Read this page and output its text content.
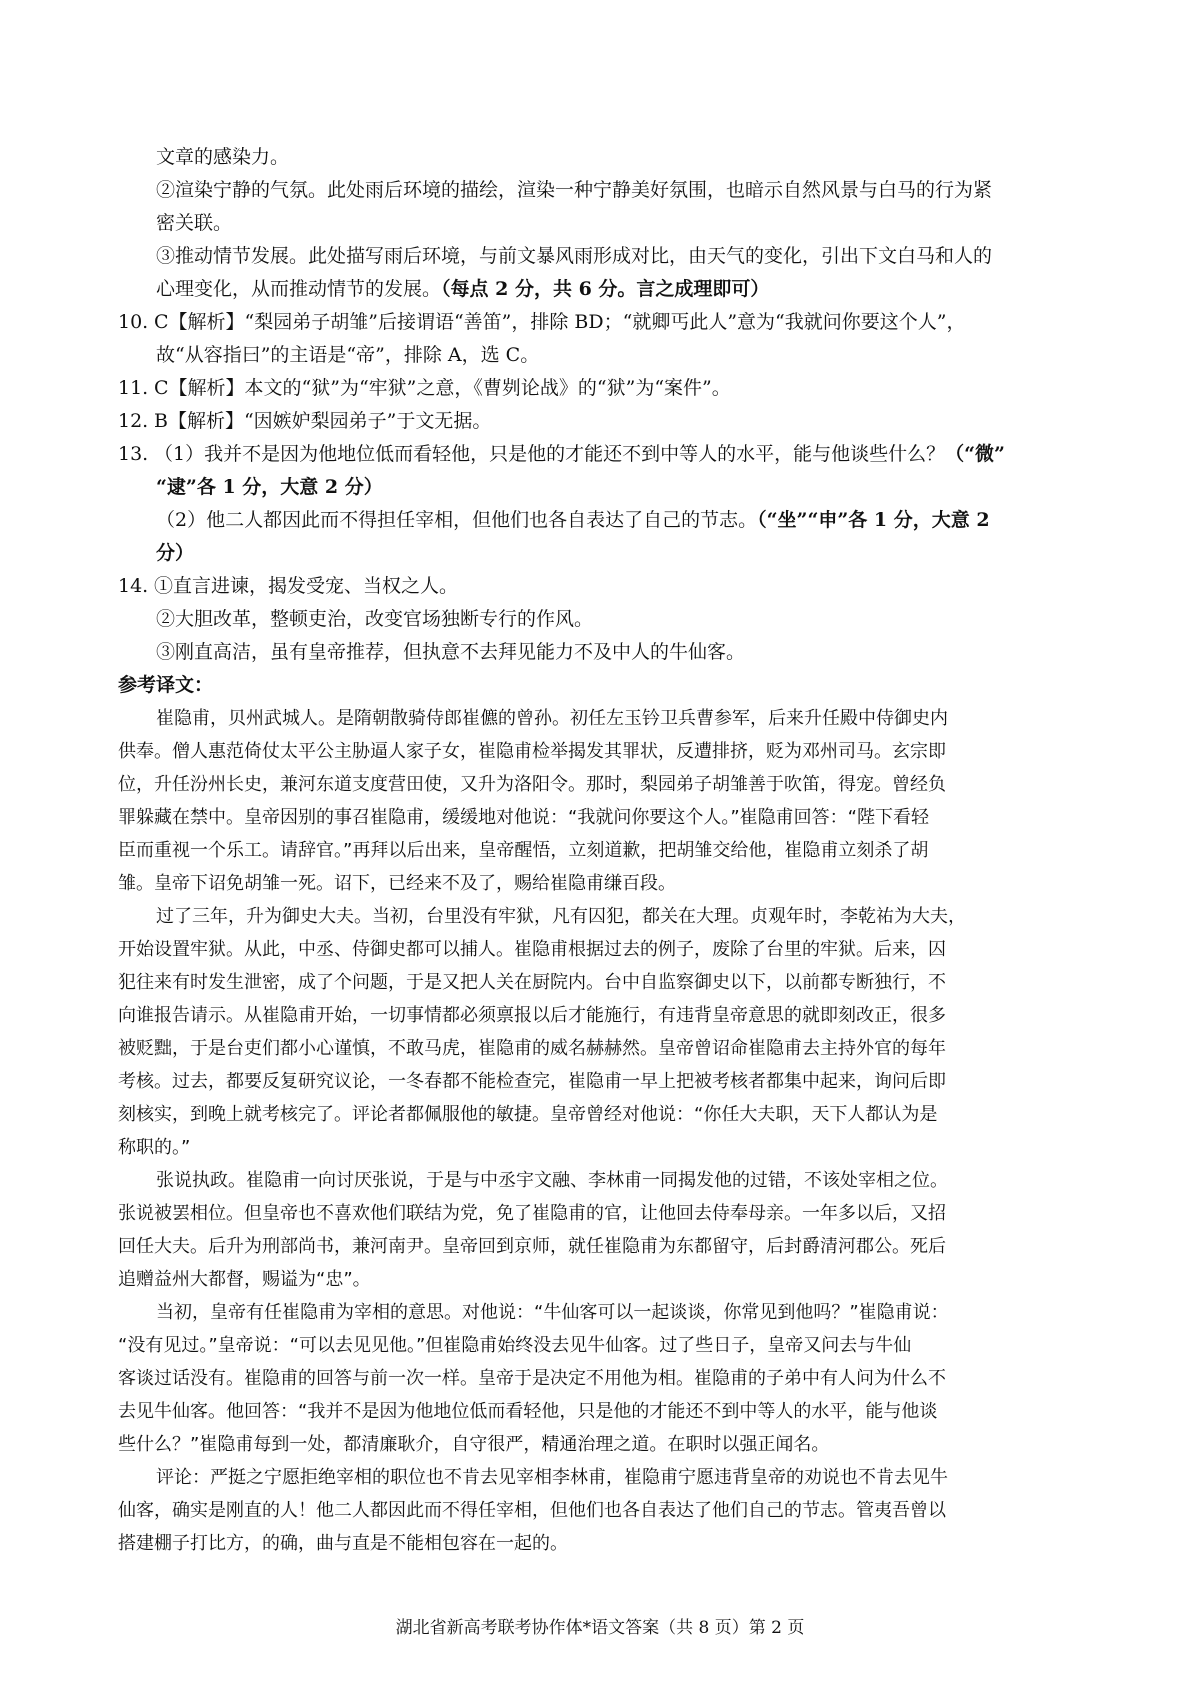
文章的感染力。
②渲染宁静的气氛。此处雨后环境的描绘，渲染一种宁静美好氛围，也暗示自然风景与白马的行为紧
密关联。
③推动情节发展。此处描写雨后环境，与前文暴风雨形成对比，由天气的变化，引出下文白马和人的
心理变化，从而推动情节的发展。（每点 2 分，共 6 分。言之成理即可）
10. C【解析】“梨园弟子胡雏”后接谓语“善笛”，排除 BD；“就卿丐此人”意为“我就问你要这个人”，
故“从容指曰”的主语是“帝”，排除 A，选 C。
11. C【解析】本文的“狱”为“牢狱”之意，《曹刿论战》的“狱”为“案件”。
12. B【解析】“因嫉妒梨园弟子”于文无据。
13. （1）我并不是因为他地位低而看轻他，只是他的才能还不到中等人的水平，能与他谈些什么？（“微”
“逮”各 1 分，大意 2 分）
（2）他二人都因此而不得担任宰相，但他们也各自表达了自己的节志。（“坐”“申”各 1 分，大意 2
分）
14. ①直言进谏，揭发受宠、当权之人。
②大胆改革，整顿吏治，改变官场独断专行的作风。
③刚直高洁，虽有皇帝推荐，但执意不去拜见能力不及中人的牛仙客。
参考译文：
崔隐甫，贝州武城人。是隋朝散骑侍郎崔儦的曾孙。初任左玉钤卫兵曹参军，后来升任殿中侍御史内
供奉。僧人惠范倚仗太平公主胁逼人家子女，崔隐甫检举揭发其罪状，反遭排挤，贬为邓州司马。玄宗即
位，升任汾州长史，兼河东道支度营田使，又升为洛阳令。那时，梨园弟子胡雏善于吹笛，得宠。曾经负
罪躲藏在禁中。皇帝因别的事召崔隐甫，缓缓地对他说：“我就问你要这个人。”崔隐甫回答：“陛下看轻
臣而重视一个乐工。请辞官。”再拜以后出来，皇帝醒悟，立刻道歉，把胡雏交给他，崔隐甫立刻杀了胡
雏。皇帝下诏免胡雏一死。诏下，已经来不及了，赐给崔隐甫缣百段。
过了三年，升为御史大夫。当初，台里没有牢狱，凡有囚犯，都关在大理。贞观年时，李乾祐为大夫，
开始设置牢狱。从此，中丞、侍御史都可以捕人。崔隐甫根据过去的例子，废除了台里的牢狱。后来，囚
犯往来有时发生泄密，成了个问题，于是又把人关在厨院内。台中自监察御史以下，以前都专断独行，不
向谁报告请示。从崔隐甫开始，一切事情都必须禀报以后才能施行，有违背皇帝意思的就即刻改正，很多
被贬黜，于是台吏们都小心谨慎，不敢马虎，崔隐甫的威名赫赫然。皇帝曾诏命崔隐甫去主持外官的每年
考核。过去，都要反复研究议论，一冬春都不能检查完，崔隐甫一早上把被考核者都集中起来，询问后即
刻核实，到晚上就考核完了。评论者都佩服他的敏捷。皇帝曾经对他说：“你任大夫职，天下人都认为是
称职的。”
张说执政。崔隐甫一向讨厌张说，于是与中丞宇文融、李林甫一同揭发他的过错，不该处宰相之位。
张说被罢相位。但皇帝也不喜欢他们联结为党，免了崔隐甫的官，让他回去侍奉母亲。一年多以后，又招
回任大夫。后升为刑部尚书，兼河南尹。皇帝回到京师，就任崔隐甫为东都留守，后封爵清河郡公。死后
追赠益州大都督，赐谥为“忠”。
当初，皇帝有任崔隐甫为宰相的意思。对他说：“牛仙客可以一起谈谈，你常见到他吗？”崔隐甫说：
“没有见过。”皇帝说：“可以去见见他。”但崔隐甫始终没去见牛仙客。过了些日子，皇帝又问去与牛仙
客谈过话没有。崔隐甫的回答与前一次一样。皇帝于是决定不用他为相。崔隐甫的子弟中有人问为什么不
去见牛仙客。他回答：“我并不是因为他地位低而看轻他，只是他的才能还不到中等人的水平，能与他谈
些什么？”崔隐甫每到一处，都清廉耿介，自守很严，精通治理之道。在职时以强正闻名。
评论：严挺之宁愿拒绝宰相的职位也不肯去见宰相李林甫，崔隐甫宁愿违背皇帝的劝说也不肯去见牛
仙客，确实是刚直的人！他二人都因此而不得任宰相，但他们也各自表达了他们自己的节志。管夷吾曾以
搭建棚子打比方，的确，曲与直是不能相包容在一起的。
湖北省新高考联考协作体*语文答案（共 8 页）第 2 页
